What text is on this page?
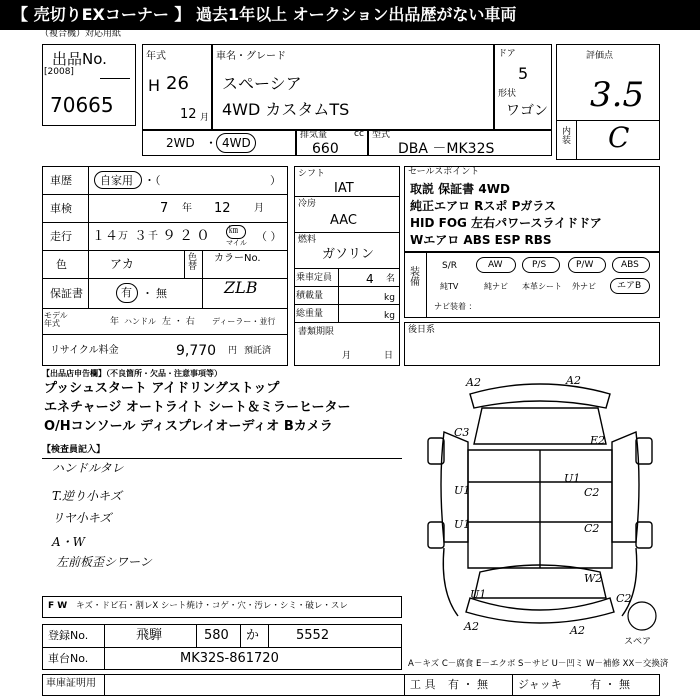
【 売切りEXコーナー 】 過去1年以上 オークション出品歴がない車両
（複合機）対応用紙
出品No.
[2008]
70665
年式
H 26
12 月
車名・グレード
スペーシア
4WD カスタムTS
ドア
5
形状
ワゴン
評価点
3.5
内装 C
2WD ・ 4WD
排気量	cc
660
型式
DBA －MK32S
車歴	自家用 ・（	）
車検	7 年 12 月
走行 １４ 万 ３ 千 ９２０ ㎞
マイル （ ）
色	アカ	色替
カラーNo.
ZLB
保証書	有 ・ 無
モデル年式	年 ハンドル 左 ・ 右 ディーラー・並行
リサイクル料金	9,770 円 預託済
シフト
IAT
冷房
AAC
燃料
ガソリン
乗車定員	4 名
積載量	kg
総重量	kg
書類期限
月	日
セールスポイント
取説 保証書 4WD
純正エアロ Rスポ Pガラス
HID FOG 左右パワースライドドア
Wエアロ ABS ESP RBS
装備
S/R	AW	P/S	P/W	ABS
純TV	純ナビ 本革シート 外ナビ エアB
ナビ装着 ：
後日系
【出品店申告欄】（不良箇所・欠品・注意事項等）
プッシュスタート アイドリングストップ
エネチャージ オートライト シート＆ミラーヒーター
O/Hコンソール ディスプレイオーディオ Bカメラ
【検査員記入】
ハンドルタレ
T.逆り小キズ
リヤ小キズ
A・W
左前板歪シワーン
A2	A2
C3
E2
C2
U1
U1
U1
U1
C2
W2
C2
A2	A2
スペア
F W キズ・ドビ石・割レX シート焼け・コゲ・穴・汚レ・シミ・破レ・スレ
登録No.	飛騨	580 か	5552
車台No.	MK32S-861720	A－キズ C－腐食 E－エクボ S－サビ U－凹ミ W－補修 XX－交換済
車庫証明用	工 具 有 ・ 無	ジャッキ	有 ・ 無
